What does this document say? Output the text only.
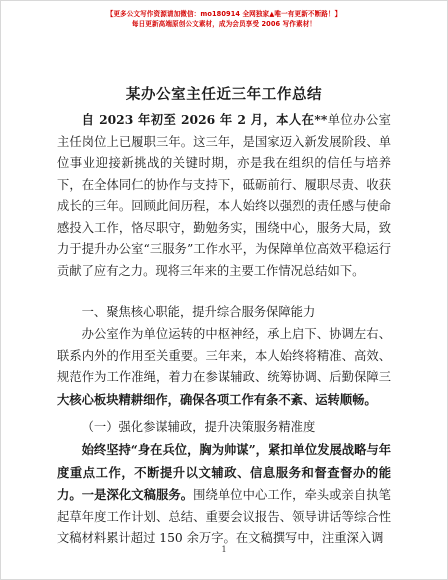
【更多公文写作资源请加微信：mo180914 全网独家▲唯一有更新不断路！】
每日更新高端原创公文素材，成为会员享受 2006 写作素材！
某办公室主任近三年工作总结
自 2023 年初至 2026 年 2 月，本人在**单位办公室主任岗位上已履职三年。这三年，是国家迈入新发展阶段、单位事业迎接新挑战的关键时期，亦是我在组织的信任与培养下，在全体同仁的协作与支持下，砥砺前行、履职尽责、收获成长的三年。回顾此间历程，本人始终以强烈的责任感与使命感投入工作，恪尽职守，勤勉务实，围绕中心，服务大局，致力于提升办公室“三服务”工作水平，为保障单位高效平稳运行贡献了应有之力。现将三年来的主要工作情况总结如下。
一、聚焦核心职能，提升综合服务保障能力
办公室作为单位运转的中枢神经，承上启下、协调左右、联系内外的作用至关重要。三年来，本人始终将精准、高效、规范作为工作准绳，着力在参谋辅政、统筹协调、后勤保障三大核心板块精耕细作，确保各项工作有条不紊、运转顺畅。
（一）强化参谋辅政，提升决策服务精准度
始终坚持“身在兵位，胸为帅谋”，紧扣单位发展战略与年度重点工作，不断提升以文辅政、信息服务和督查督办的能力。一是深化文稿服务。围绕单位中心工作，牵头或亲自执笔起草年度工作计划、总结、重要会议报告、领导讲话等综合性文稿材料累计超过 150 余万字。在文稿撰写中，注重深入调
1
